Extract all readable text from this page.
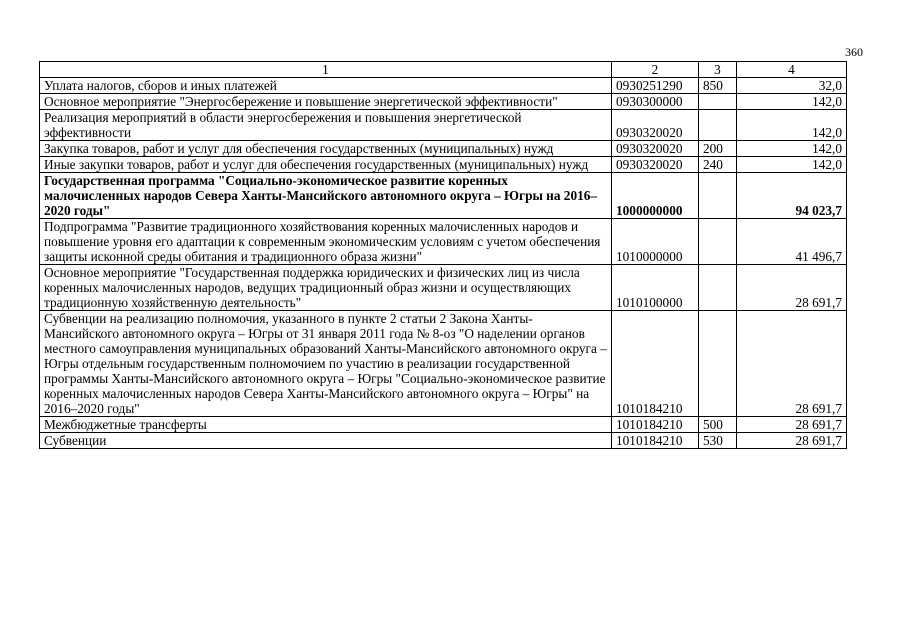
360
1	2	3	4
Уплата налогов, сборов и иных платежей	0930251290	850	32,0
Основное мероприятие "Энергосбережение и повышение энергетической эффективности"	0930300000		142,0
Реализация мероприятий в области энергосбережения и повышения энергетической эффективности	0930320020		142,0
Закупка товаров, работ и услуг для обеспечения государственных (муниципальных) нужд	0930320020	200	142,0
Иные закупки товаров, работ и услуг для обеспечения государственных (муниципальных) нужд	0930320020	240	142,0
Государственная программа "Социально-экономическое развитие коренных малочисленных народов Севера Ханты-Мансийского автономного округа – Югры на 2016–2020 годы"	1000000000		94 023,7
Подпрограмма "Развитие традиционного хозяйствования коренных малочисленных народов и повышение уровня его адаптации к современным экономическим условиям с учетом обеспечения защиты исконной среды обитания и традиционного образа жизни"	1010000000		41 496,7
Основное мероприятие "Государственная поддержка юридических и физических лиц из числа коренных малочисленных народов, ведущих традиционный образ жизни и осуществляющих традиционную хозяйственную деятельность"	1010100000		28 691,7
Субвенции на реализацию полномочия, указанного в пункте 2 статьи 2 Закона Ханты-Мансийского автономного округа – Югры от 31 января 2011 года № 8-оз "О наделении органов местного самоуправления муниципальных образований Ханты-Мансийского автономного округа – Югры отдельным государственным полномочием по участию в реализации государственной программы Ханты-Мансийского автономного округа – Югры "Социально-экономическое развитие коренных малочисленных народов Севера Ханты-Мансийского автономного округа – Югры" на 2016–2020 годы"	1010184210		28 691,7
Межбюджетные трансферты	1010184210	500	28 691,7
Субвенции	1010184210	530	28 691,7
